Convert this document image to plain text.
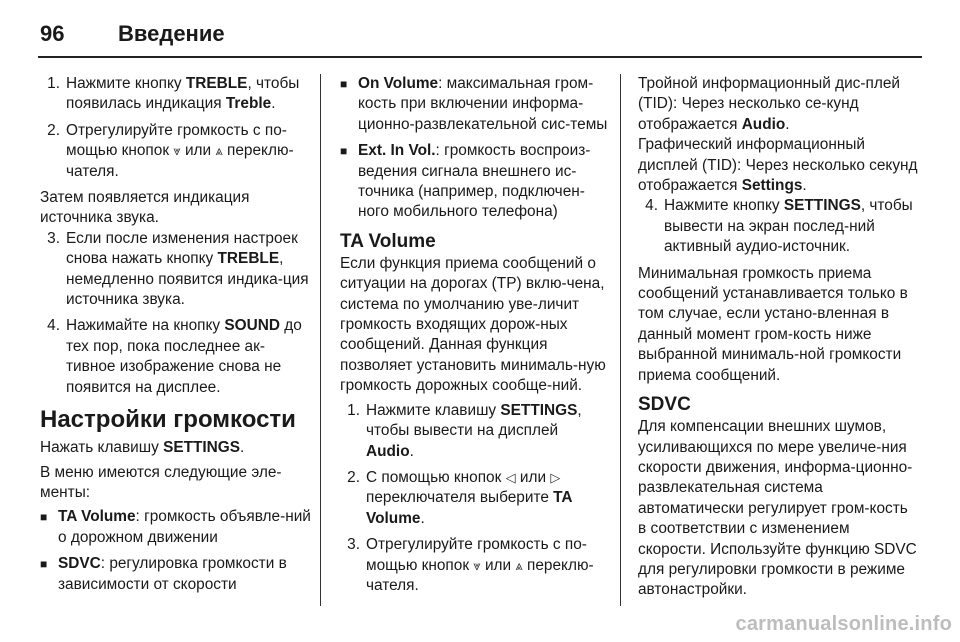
96	Введение
1. Нажмите кнопку TREBLE, чтобы появилась индикация Treble.
2. Отрегулируйте громкость с по-мощью кнопок ⩔ или ⩓ переклю-чателя.

Затем появляется индикация источника звука.

3. Если после изменения настроек снова нажать кнопку TREBLE, немедленно появится индика-ция источника звука.
4. Нажимайте на кнопку SOUND до тех пор, пока последнее ак-тивное изображение снова не появится на дисплее.

Настройки громкости

Нажать клавишу SETTINGS.

В меню имеются следующие эле-менты:

■ TA Volume: громкость объявле-ний о дорожном движении
■ SDVC: регулировка громкости в зависимости от скорости
■ On Volume: максимальная гром-кость при включении информа-ционно-развлекательной сис-темы
■ Ext. In Vol.: громкость воспроиз-ведения сигнала внешнего ис-точника (например, подключен-ного мобильного телефона)

TA Volume

Если функция приема сообщений о ситуации на дорогах (TP) вклю-чена, система по умолчанию уве-личит громкость входящих дорож-ных сообщений. Данная функция позволяет установить минималь-ную громкость дорожных сообще-ний.

1. Нажмите клавишу SETTINGS, чтобы вывести на дисплей Audio.
2. С помощью кнопок ◁ или ▷ переключателя выберите TA Volume.
3. Отрегулируйте громкость с по-мощью кнопок ⩔ или ⩓ переклю-чателя.

Тройной информационный дис-плей (TID): Через несколько се-кунд отображается Audio.

Графический информационный дисплей (TID): Через несколько секунд отображается Settings.

4. Нажмите кнопку SETTINGS, чтобы вывести на экран послед-ний активный аудио-источник.

Минимальная громкость приема сообщений устанавливается только в том случае, если устано-вленная в данный момент гром-кость ниже выбранной минималь-ной громкости приема сообщений.

SDVC

Для компенсации внешних шумов, усиливающихся по мере увеличе-ния скорости движения, информа-ционно-развлекательная система автоматически регулирует гром-кость в соответствии с изменением скорости. Используйте функцию SDVC для регулировки громкости в режиме автонастройки.

carmanualsonline.info
